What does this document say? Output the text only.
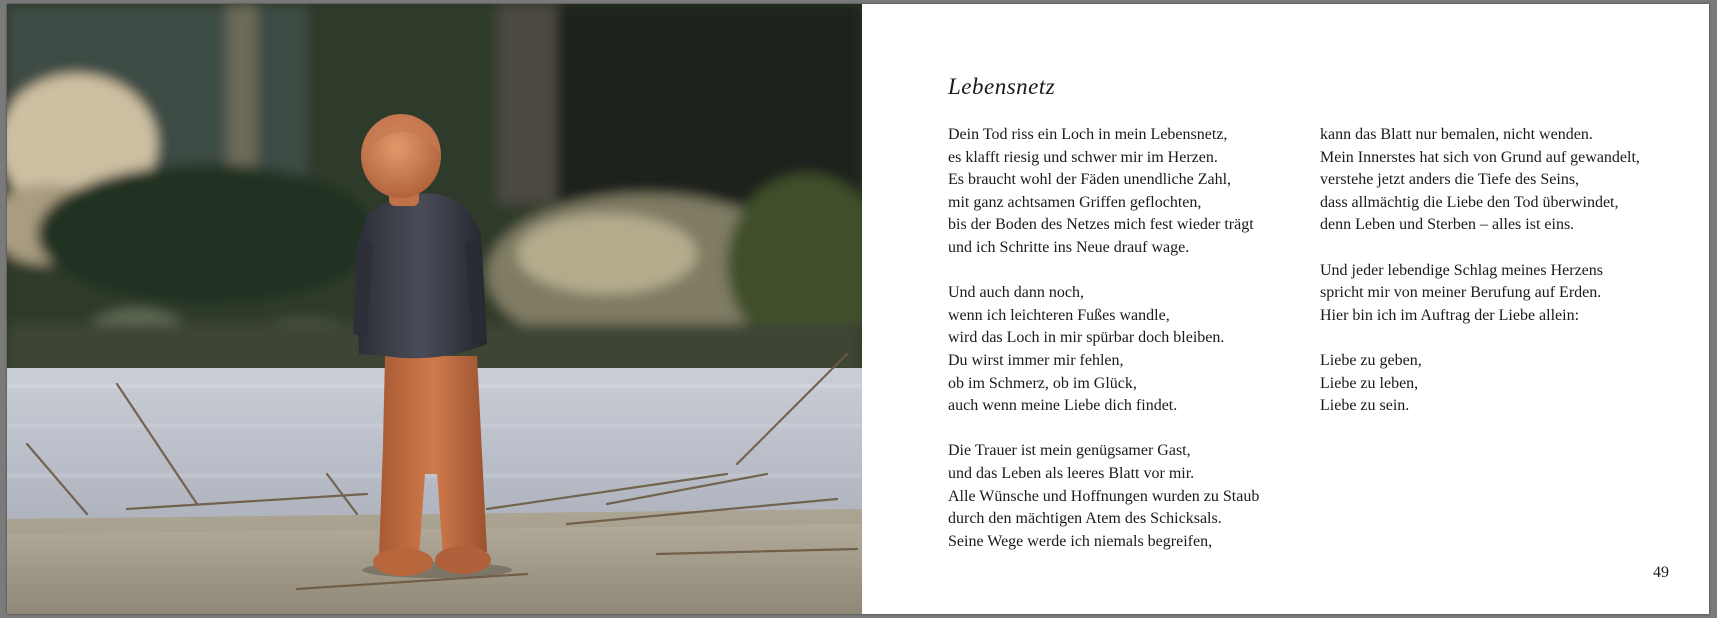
Lebensnetz
Dein Tod riss ein Loch in mein Lebensnetz,
es klafft riesig und schwer mir im Herzen.
Es braucht wohl der Fäden unendliche Zahl,
mit ganz achtsamen Griffen geflochten,
bis der Boden des Netzes mich fest wieder trägt
und ich Schritte ins Neue drauf wage.
Und auch dann noch,
wenn ich leichteren Fußes wandle,
wird das Loch in mir spürbar doch bleiben.
Du wirst immer mir fehlen,
ob im Schmerz, ob im Glück,
auch wenn meine Liebe dich findet.
Die Trauer ist mein genügsamer Gast,
und das Leben als leeres Blatt vor mir.
Alle Wünsche und Hoffnungen wurden zu Staub
durch den mächtigen Atem des Schicksals.
Seine Wege werde ich niemals begreifen,
kann das Blatt nur bemalen, nicht wenden.
Mein Innerstes hat sich von Grund auf gewandelt,
verstehe jetzt anders die Tiefe des Seins,
dass allmächtig die Liebe den Tod überwindet,
denn Leben und Sterben – alles ist eins.
Und jeder lebendige Schlag meines Herzens
spricht mir von meiner Berufung auf Erden.
Hier bin ich im Auftrag der Liebe allein:
Liebe zu geben,
Liebe zu leben,
Liebe zu sein.
49
